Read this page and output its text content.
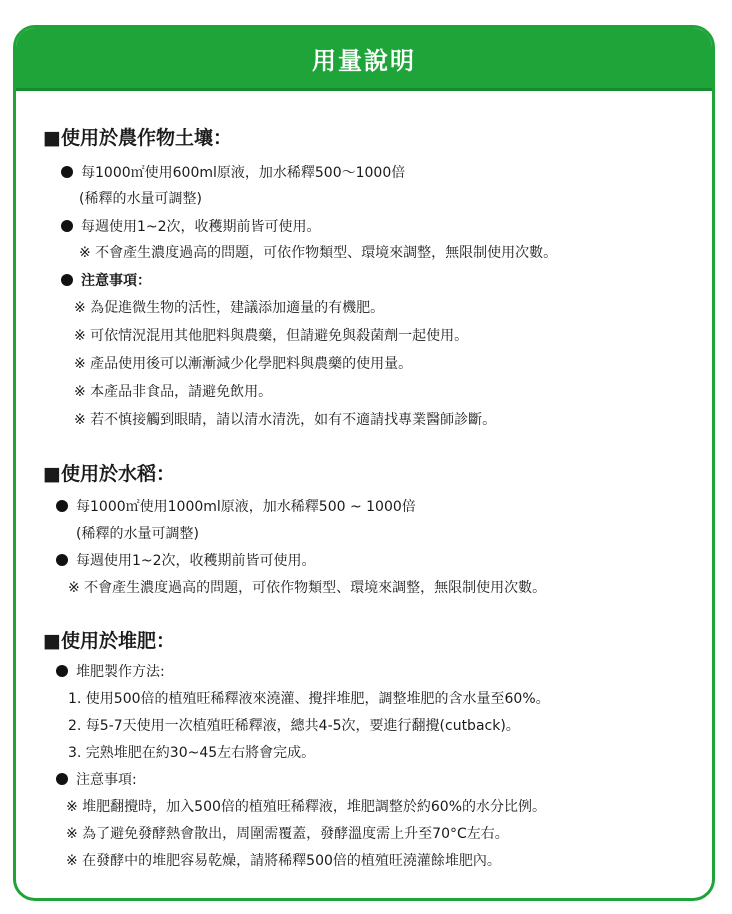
用量說明
■使用於農作物土壤：
每1000㎡使用600ml原液，加水稀釋500～1000倍
(稀釋的水量可調整)
每週使用1~2次，收穫期前皆可使用。
※ 不會產生濃度過高的問題，可依作物類型、環境來調整，無限制使用次數。
注意事項：
※ 為促進微生物的活性，建議添加適量的有機肥。
※ 可依情況混用其他肥料與農藥，但請避免與殺菌劑一起使用。
※ 產品使用後可以漸漸減少化學肥料與農藥的使用量。
※ 本產品非食品，請避免飲用。
※ 若不慎接觸到眼睛，請以清水清洗，如有不適請找專業醫師診斷。
■使用於水稻：
每1000㎡使用1000ml原液，加水稀釋500 ~ 1000倍
(稀釋的水量可調整)
每週使用1~2次，收穫期前皆可使用。
※ 不會產生濃度過高的問題，可依作物類型、環境來調整，無限制使用次數。
■使用於堆肥：
堆肥製作方法:
1. 使用500倍的植殖旺稀釋液來澆灌、攪拌堆肥，調整堆肥的含水量至60%。
2. 每5-7天使用一次植殖旺稀釋液，總共4-5次，要進行翻攪(cutback)。
3. 完熟堆肥在約30~45左右將會完成。
注意事項:
※ 堆肥翻攪時，加入500倍的植殖旺稀釋液，堆肥調整於約60%的水分比例。
※ 為了避免發酵熱會散出，周圍需覆蓋，發酵溫度需上升至70°C左右。
※ 在發酵中的堆肥容易乾燥，請將稀釋500倍的植殖旺澆灌餘堆肥內。
